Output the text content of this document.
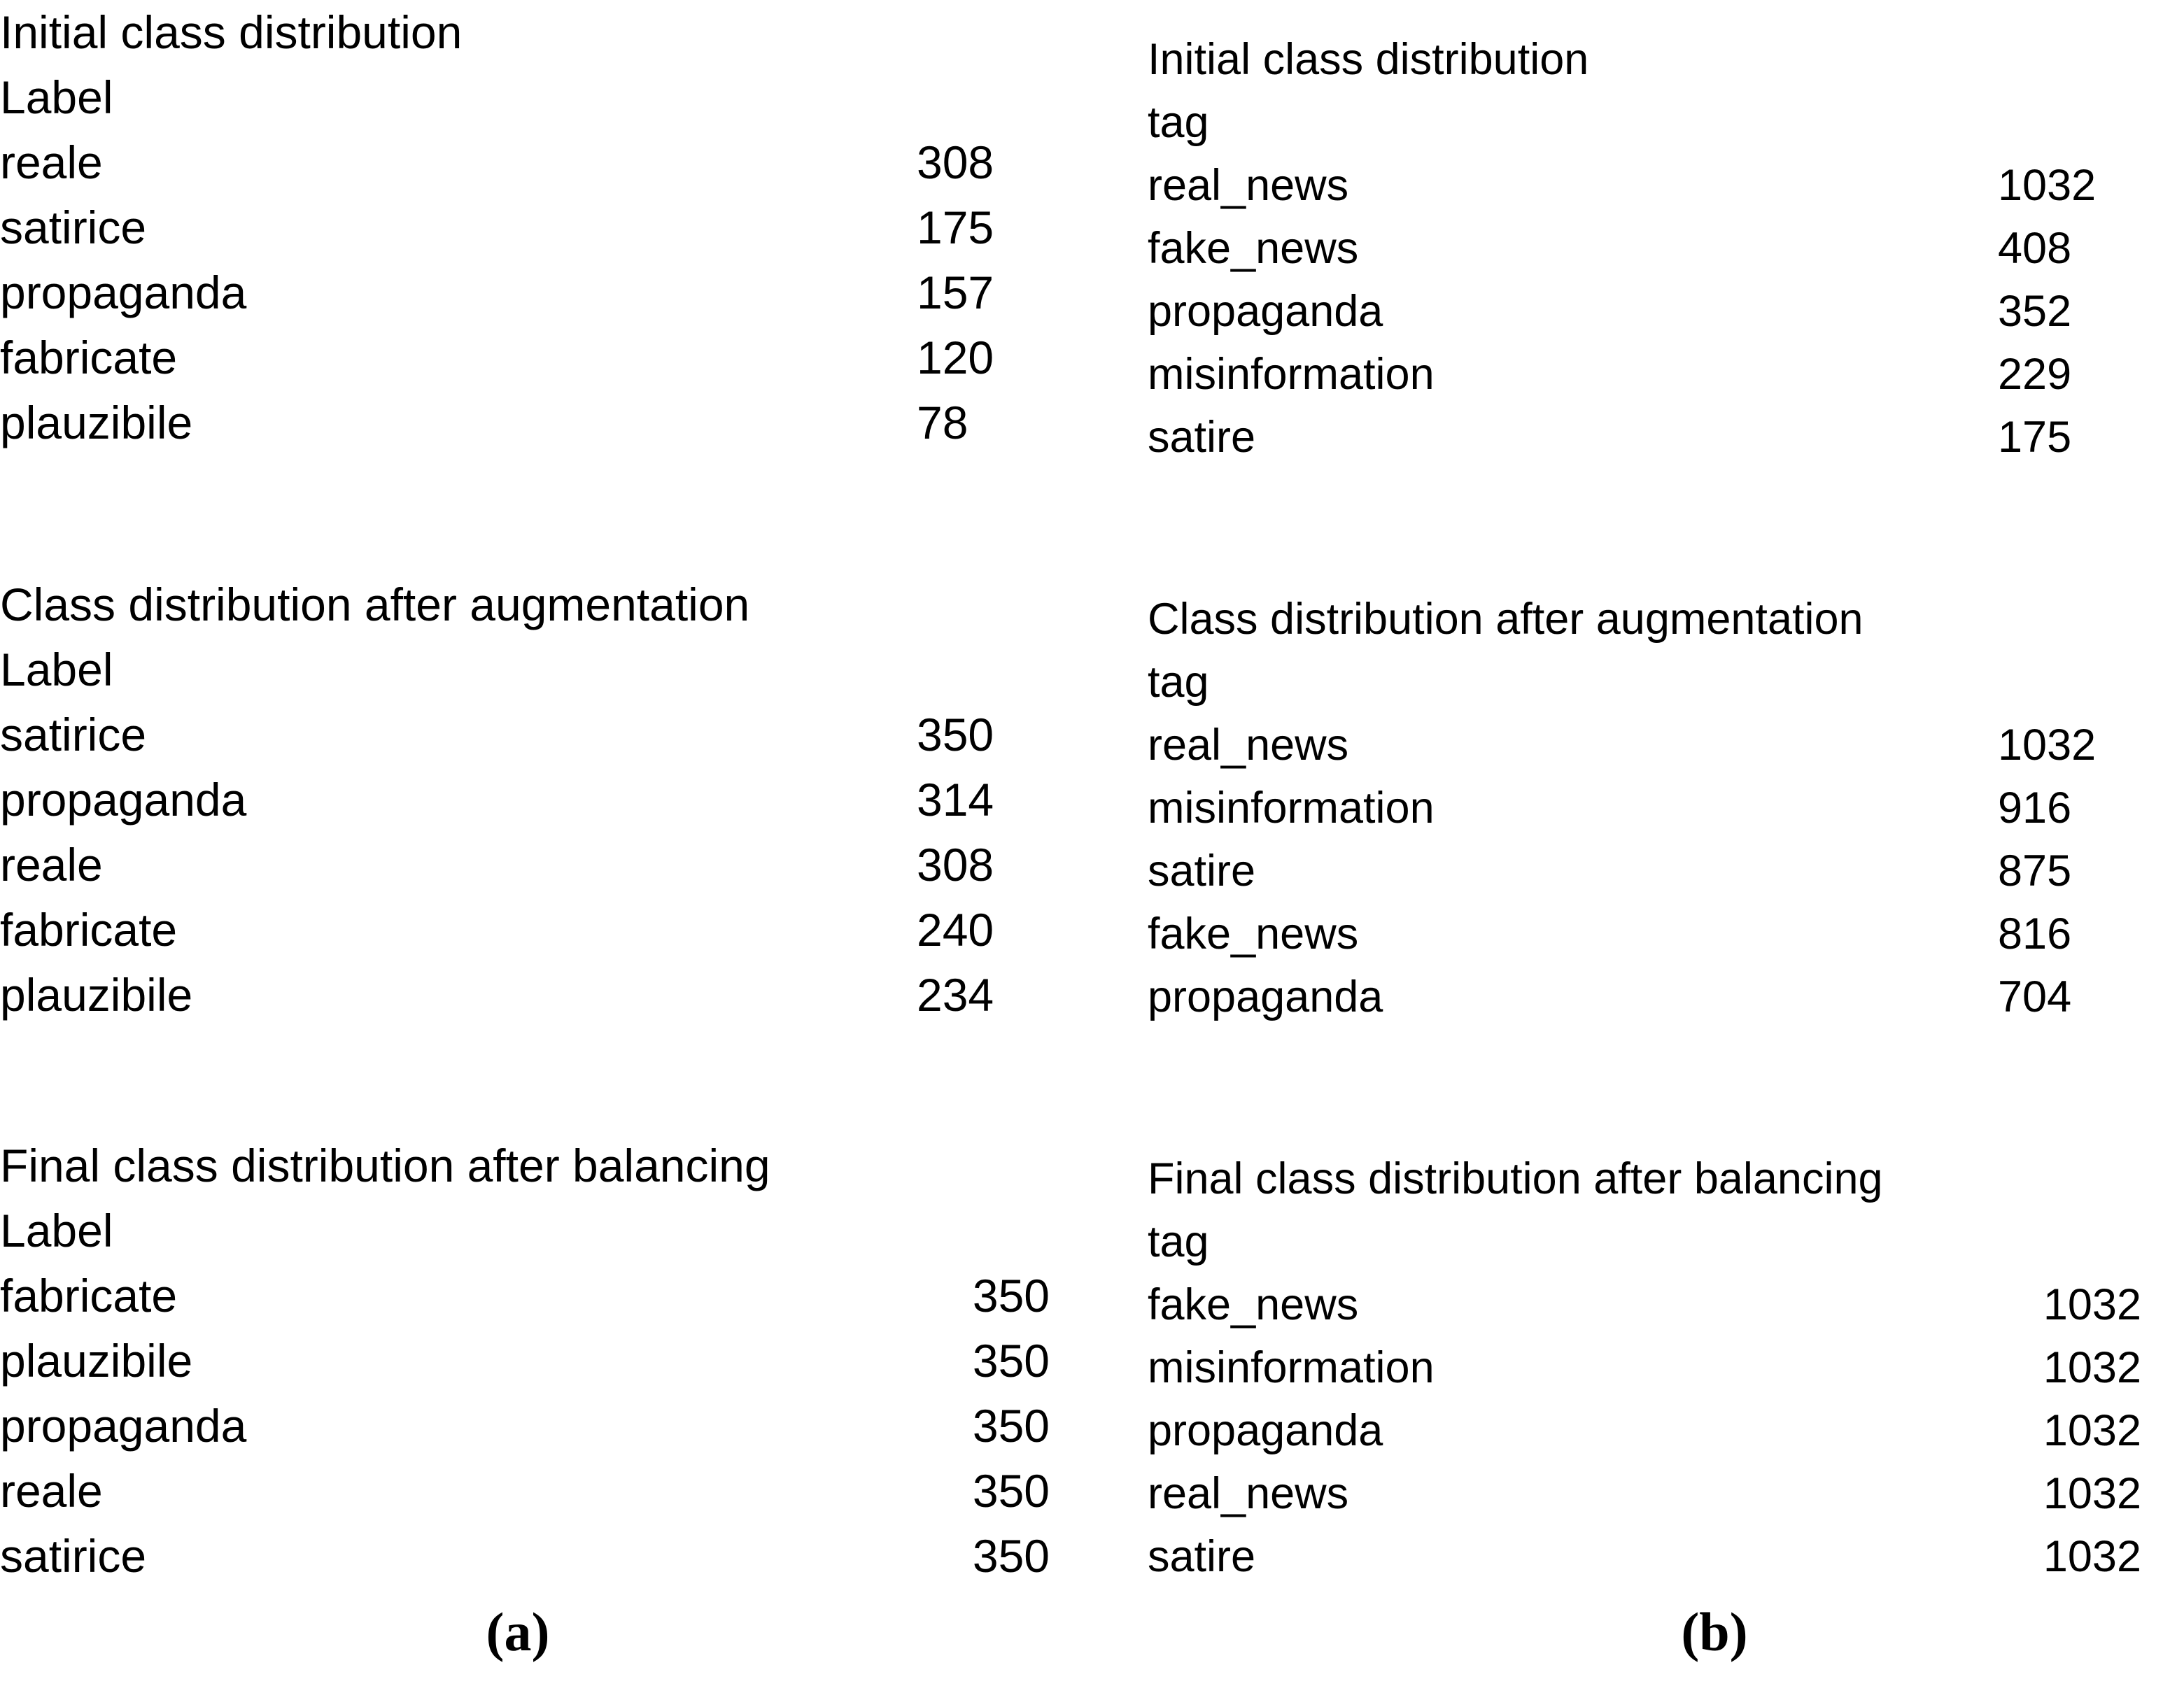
Initial class distribution
Label
reale	308
satirice	175
propaganda	157
fabricate	120
plauzibile	78
Class distribution after augmentation
Label
satirice	350
propaganda	314
reale	308
fabricate	240
plauzibile	234
Final class distribution after balancing
Label
fabricate	350
plauzibile	350
propaganda	350
reale	350
satirice	350
Initial class distribution
tag
real_news	1032
fake_news	408
propaganda	352
misinformation	229
satire	175
Class distribution after augmentation
tag
real_news	1032
misinformation	916
satire	875
fake_news	816
propaganda	704
Final class distribution after balancing
tag
fake_news	1032
misinformation	1032
propaganda	1032
real_news	1032
satire	1032
(a)	(b)
